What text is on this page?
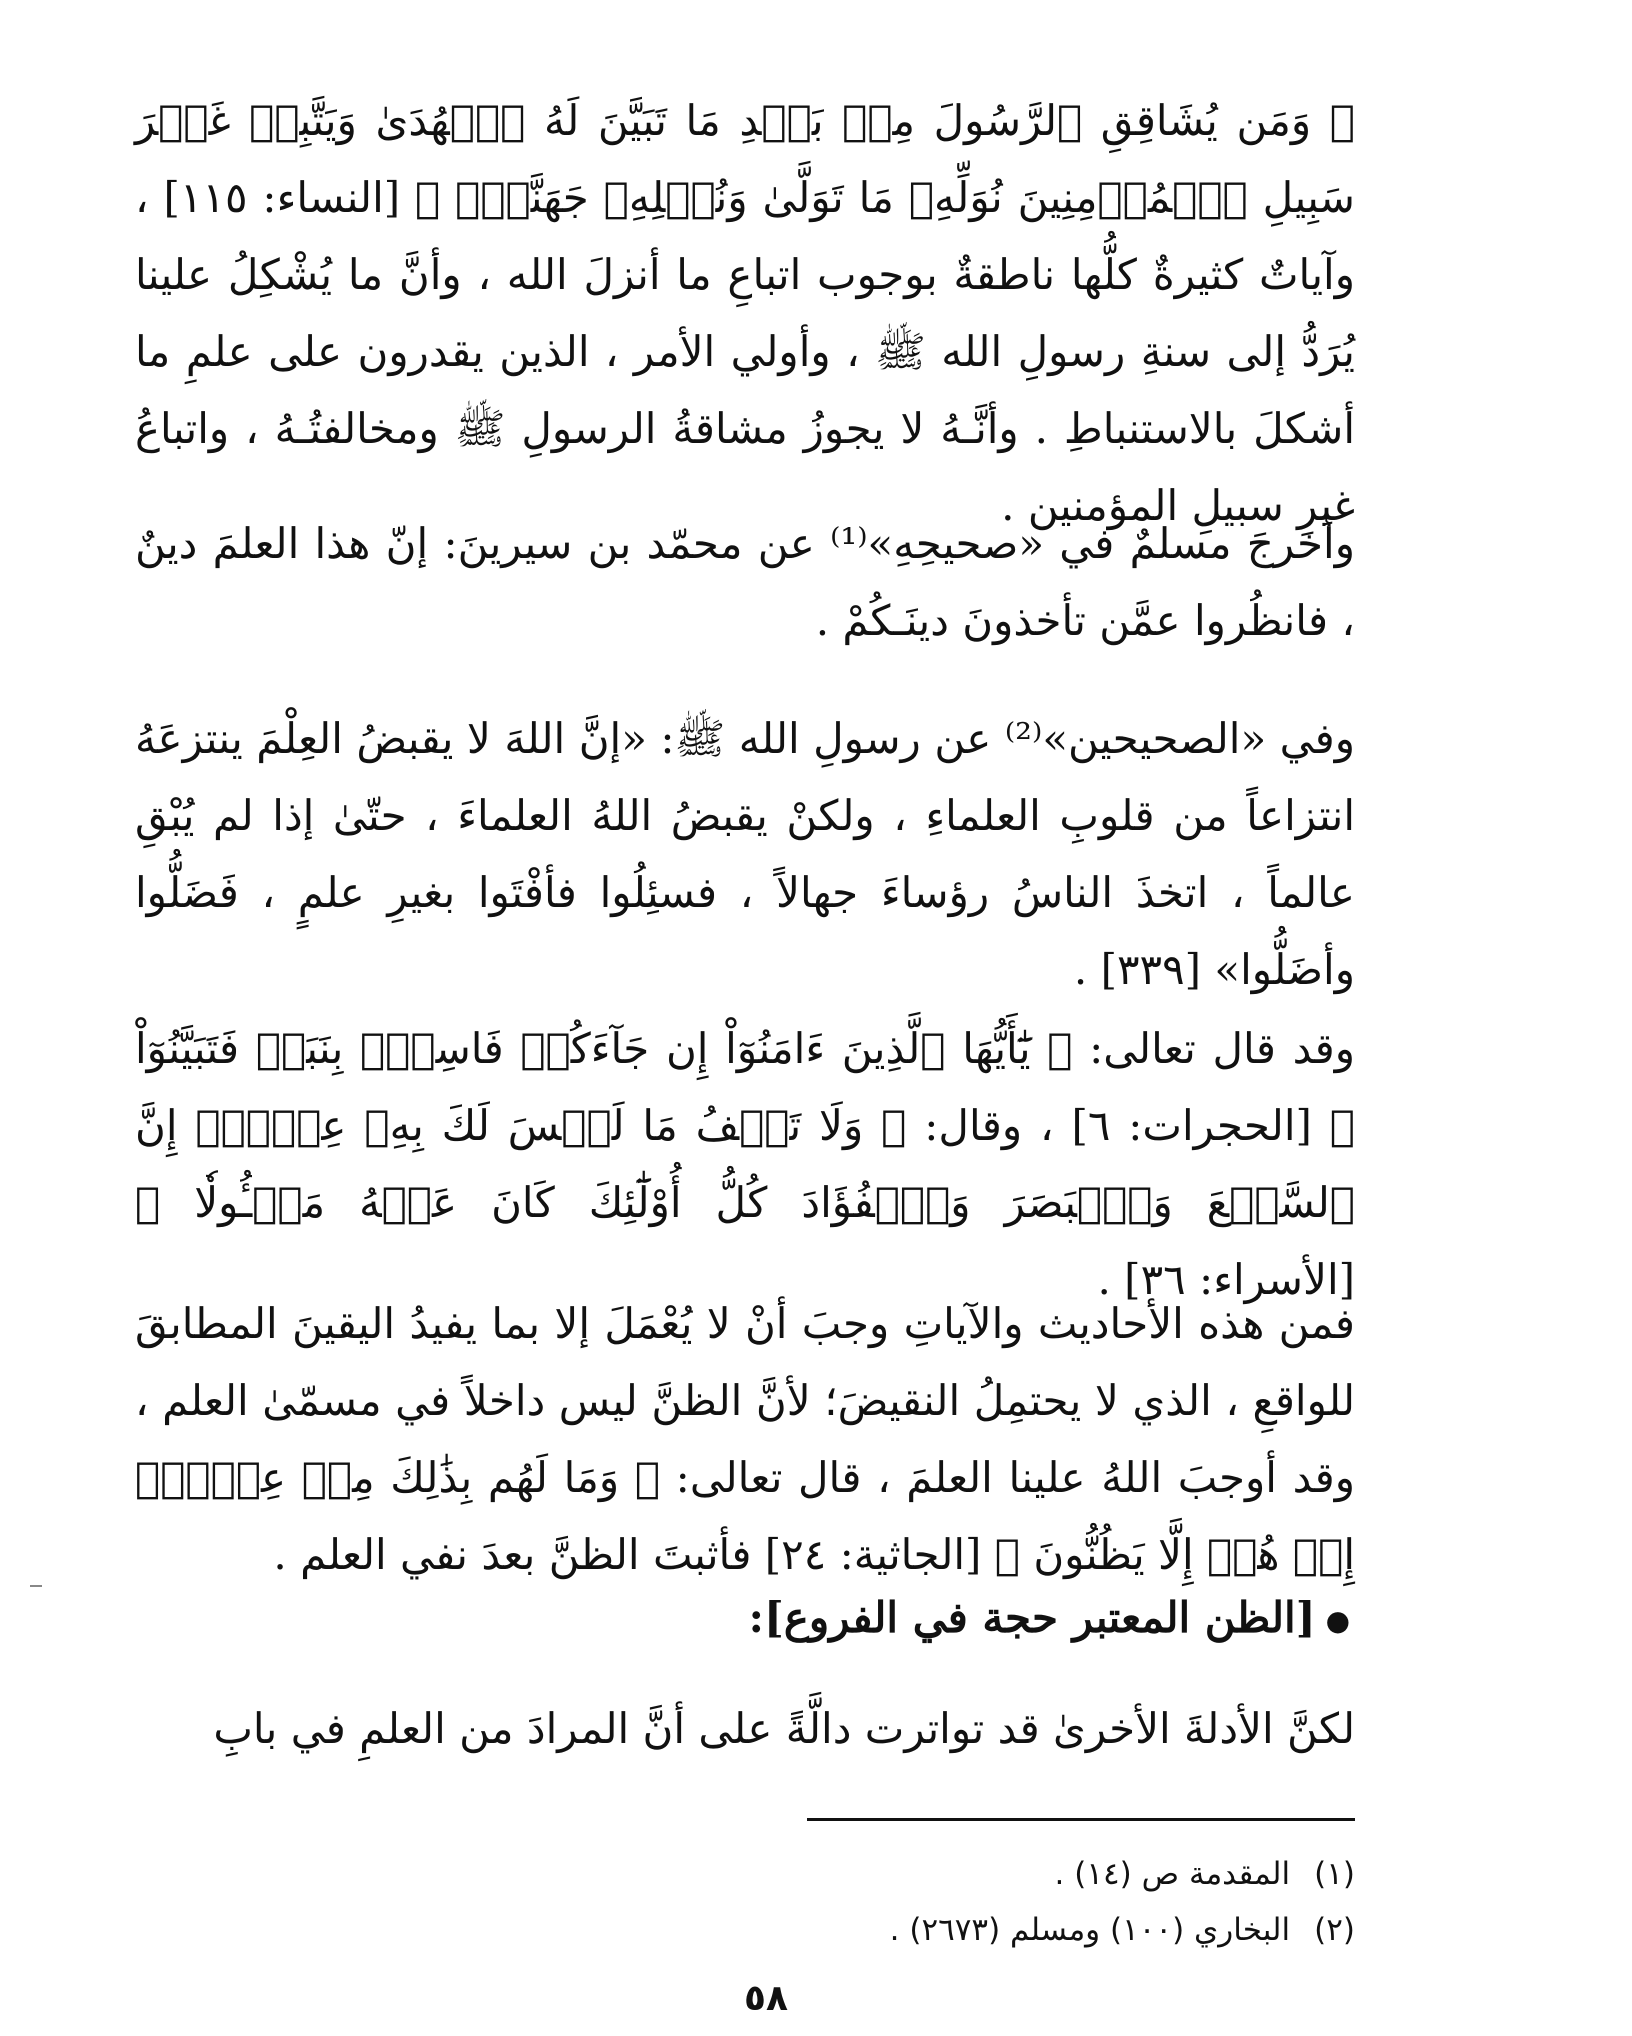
﴿ وَمَن يُشَاقِقِ ٱلرَّسُولَ مِنۢ بَعۡدِ مَا تَبَيَّنَ لَهُ ٱلۡهُدَىٰ وَيَتَّبِعۡ غَيۡرَ سَبِيلِ ٱلۡمُؤۡمِنِينَ نُوَلِّهِۦ مَا تَوَلَّىٰ وَنُصۡلِهِۦ جَهَنَّمَۖ ﴾ [النساء: ١١٥] ، وآياتٌ كثيرةٌ كلُّها ناطقةٌ بوجوب اتباعِ ما أنزلَ الله ، وأنَّ ما يُشْكِلُ علينا يُرَدُّ إلى سنةِ رسولِ الله ﷺ ، وأولي الأمر ، الذين يقدرون على علمِ ما أشكلَ بالاستنباطِ . وأنَّـهُ لا يجوزُ مشاقةُ الرسولِ ﷺ ومخالفتُـهُ ، واتباعُ غيرِ سبيلِ المؤمنين .

وأخرجَ مسلمٌ في «صحيحِهِ»⁽¹⁾ عن محمّد بن سيرينَ: إنّ هذا العلمَ دينٌ ، فانظُروا عمَّن تأخذونَ دينَـكُمْ .

وفي «الصحيحين»⁽²⁾ عن رسولِ الله ﷺ: «إنَّ اللهَ لا يقبضُ العِلْمَ ينتزعَهُ انتزاعاً من قلوبِ العلماءِ ، ولكنْ يقبضُ اللهُ العلماءَ ، حتّىٰ إذا لم يُبْقِ عالماً ، اتخذَ الناسُ رؤساءَ جهالاً ، فسئِلُوا فأفْتَوا بغيرِ علمٍ ، فَضَلُّوا وأضَلُّوا» [٣٣٩] .

وقد قال تعالى: ﴿ يَٰٓأَيُّهَا ٱلَّذِينَ ءَامَنُوٓاْ إِن جَآءَكُمۡ فَاسِقُۢ بِنَبَإٖ فَتَبَيَّنُوٓاْ ﴾ [الحجرات: ٦] ، وقال: ﴿ وَلَا تَقۡفُ مَا لَيۡسَ لَكَ بِهِۦ عِلۡمٌۚ إِنَّ ٱلسَّمۡعَ وَٱلۡبَصَرَ وَٱلۡفُؤَادَ كُلُّ أُوْلَٰٓئِكَ كَانَ عَنۡهُ مَسۡـُٔولٗا ﴾ [الأسراء: ٣٦] .

فمن هذه الأحاديث والآياتِ وجبَ أنْ لا يُعْمَلَ إلا بما يفيدُ اليقينَ المطابقَ للواقعِ ، الذي لا يحتمِلُ النقيضَ؛ لأنَّ الظنَّ ليس داخلاً في مسمّىٰ العلم ، وقد أوجبَ اللهُ علينا العلمَ ، قال تعالى: ﴿ وَمَا لَهُم بِذَٰلِكَ مِنۡ عِلۡمٍۖ إِنۡ هُمۡ إِلَّا يَظُنُّونَ ﴾ [الجاثية: ٢٤] فأثبتَ الظنَّ بعدَ نفي العلم .

●[الظن المعتبر حجة في الفروع]:

لكنَّ الأدلةَ الأخرىٰ قد تواترت دالَّةً على أنَّ المرادَ من العلمِ في بابِ

(١)المقدمة ص (١٤) .
(٢)البخاري (١٠٠) ومسلم (٢٦٧٣) .
٥٨
